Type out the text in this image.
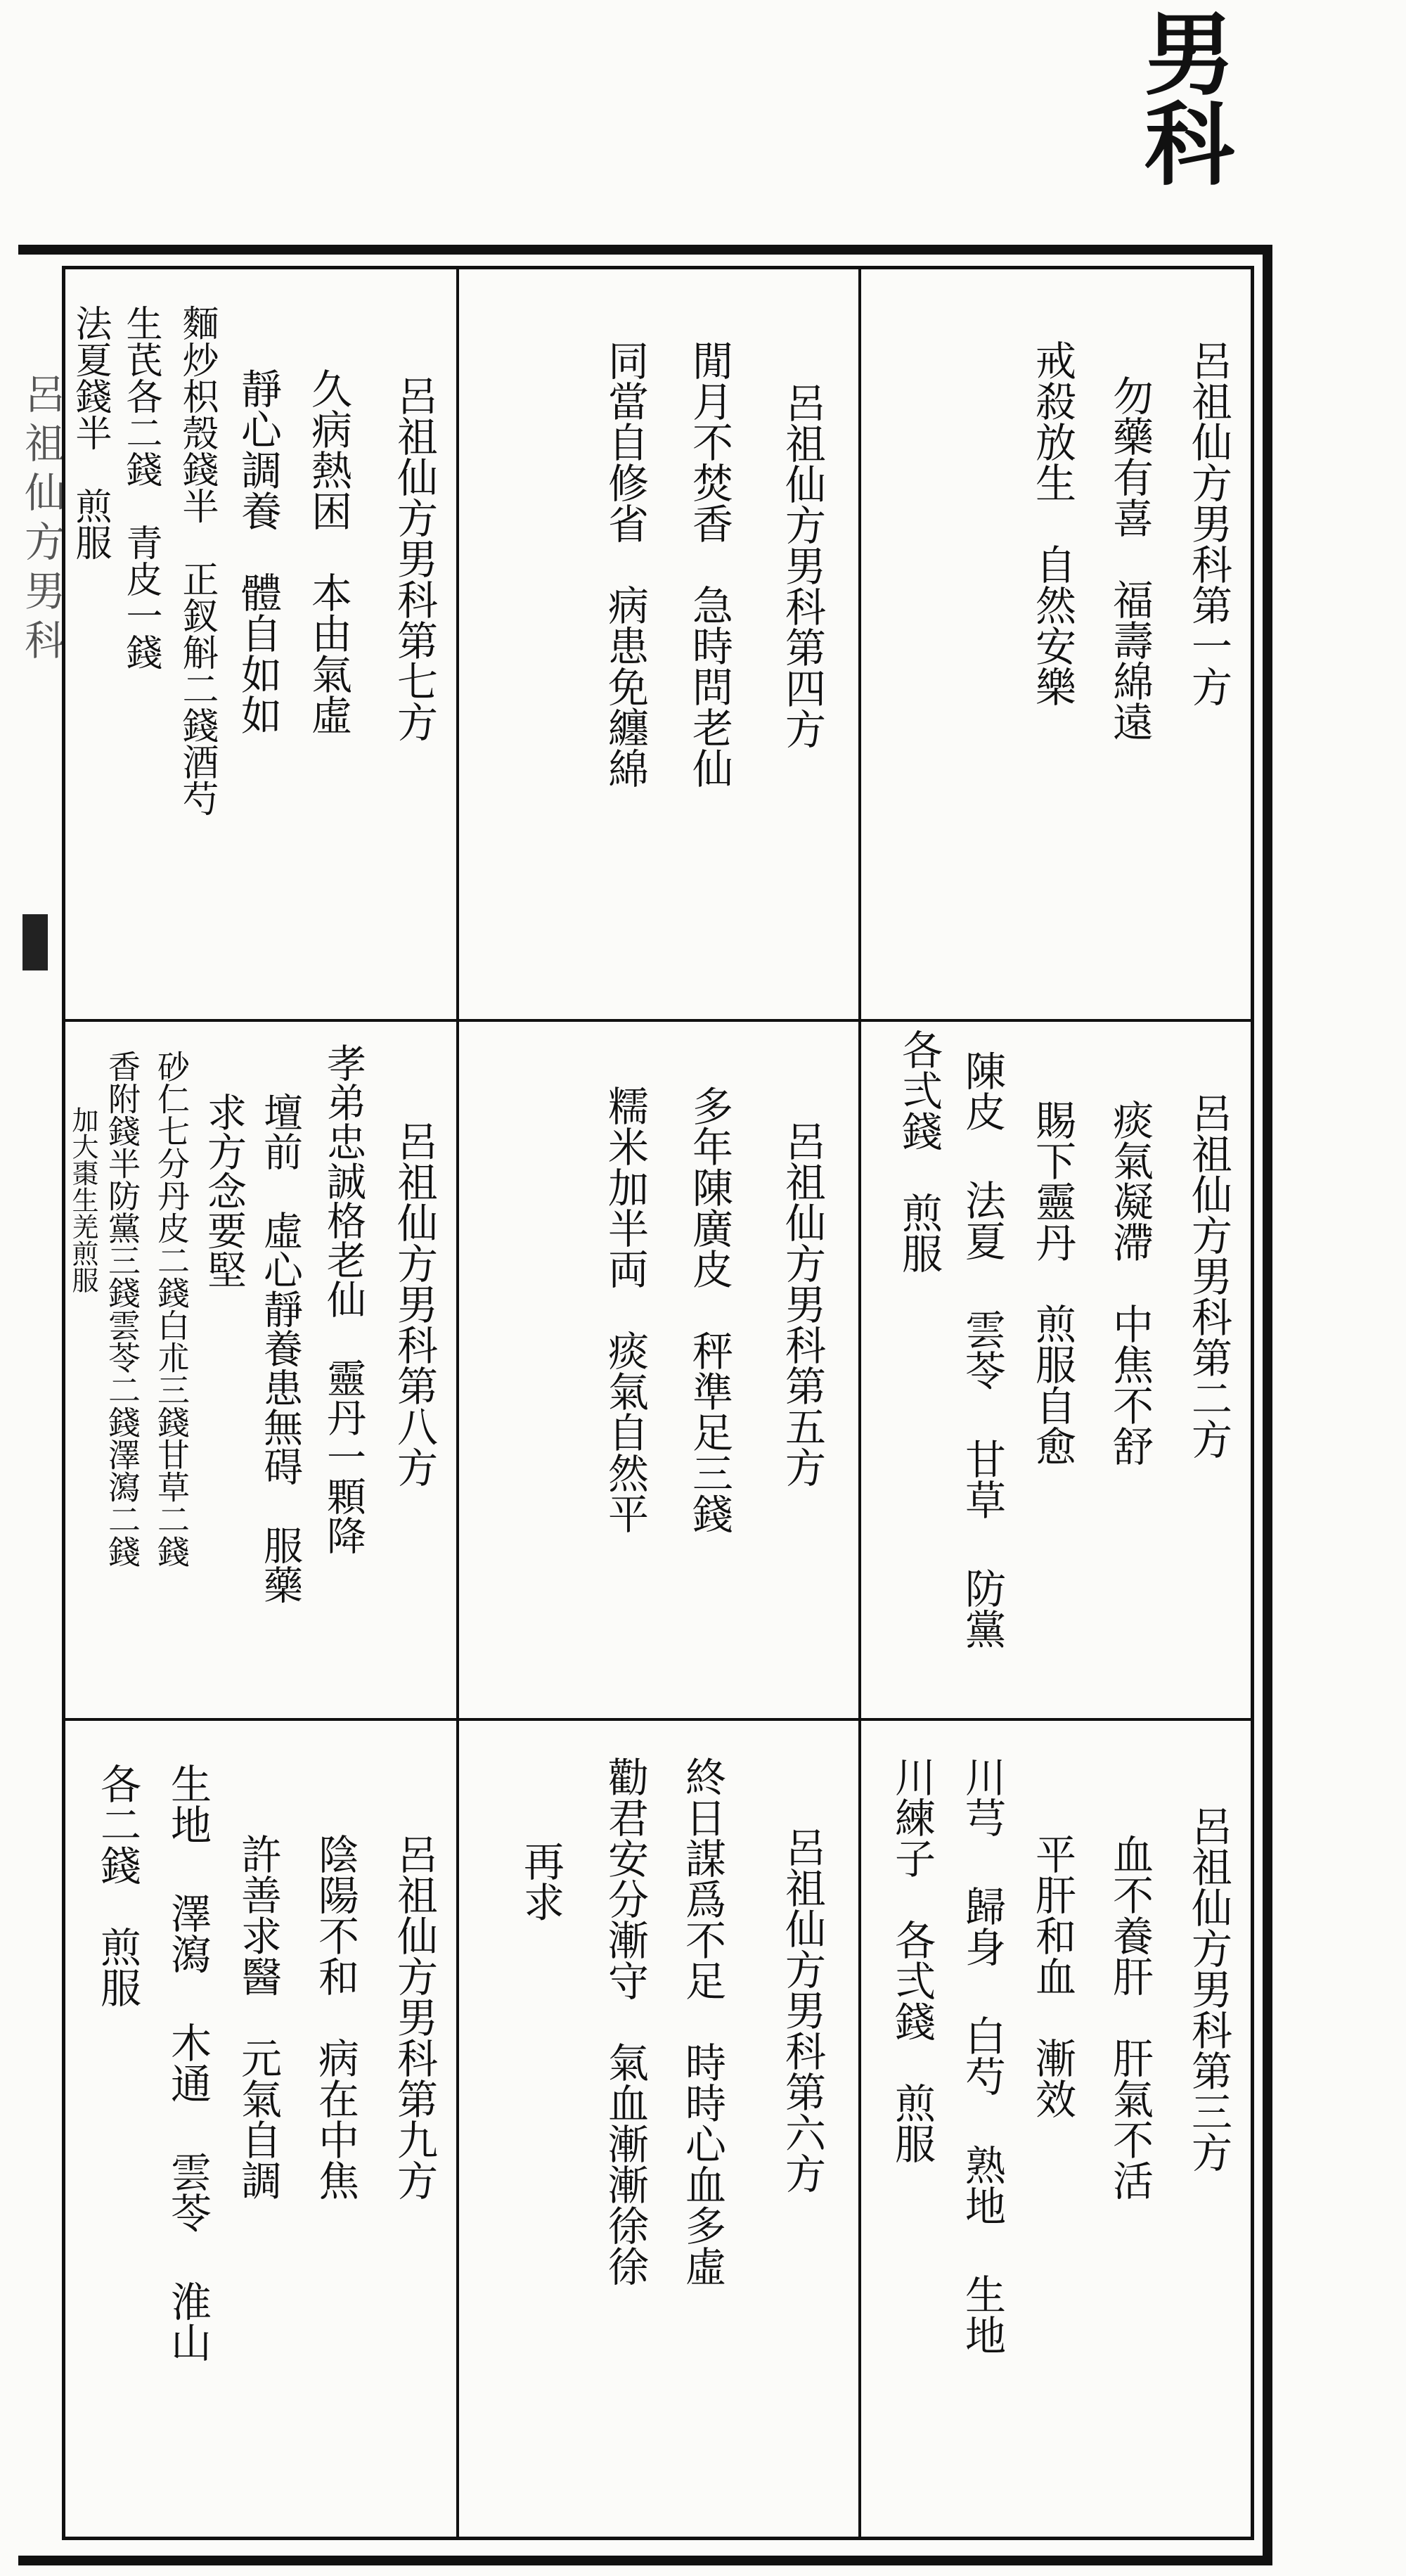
男科
呂祖仙方男科	呂祖仙方男科第一方
勿藥有喜　福壽綿遠
戒殺放生　自然安樂
呂祖仙方男科第四方
閒月不焚香　急時問老仙
同當自修省　病患免纏綿
呂祖仙方男科第七方
久病熱困　本由氣虛
靜心調養　體自如如
麵炒枳殼錢半　正釵斛二錢酒芍
生芪各二錢　青皮一錢
法夏錢半　煎服
呂祖仙方男科第二方
痰氣凝滯　中焦不舒
賜下靈丹　煎服自愈
陳皮 法夏 雲苓 甘草 防黨
各弍錢　煎服
呂祖仙方男科第五方
多年陳廣皮　秤準足三錢
糯米加半両　痰氣自然平
呂祖仙方男科第八方
孝弟忠誠格老仙　靈丹一顆降
壇前　虛心靜養患無碍　服藥
求方念要堅
砂仁七分丹皮二錢白朮三錢甘草二錢
香附錢半防黨三錢雲苓二錢澤瀉二錢
加大棗生羌煎服
呂祖仙方男科第三方
血不養肝　肝氣不活
平肝和血　漸效
川芎 歸身 白芍 熟地 生地
川練子　各弍錢　煎服
呂祖仙方男科第六方
終日謀爲不足　時時心血多虛
勸君安分漸守　氣血漸漸徐徐
再求
呂祖仙方男科第九方
陰陽不和　病在中焦
許善求醫　元氣自調
生地 澤瀉 木通 雲苓 淮山
各二錢　煎服
